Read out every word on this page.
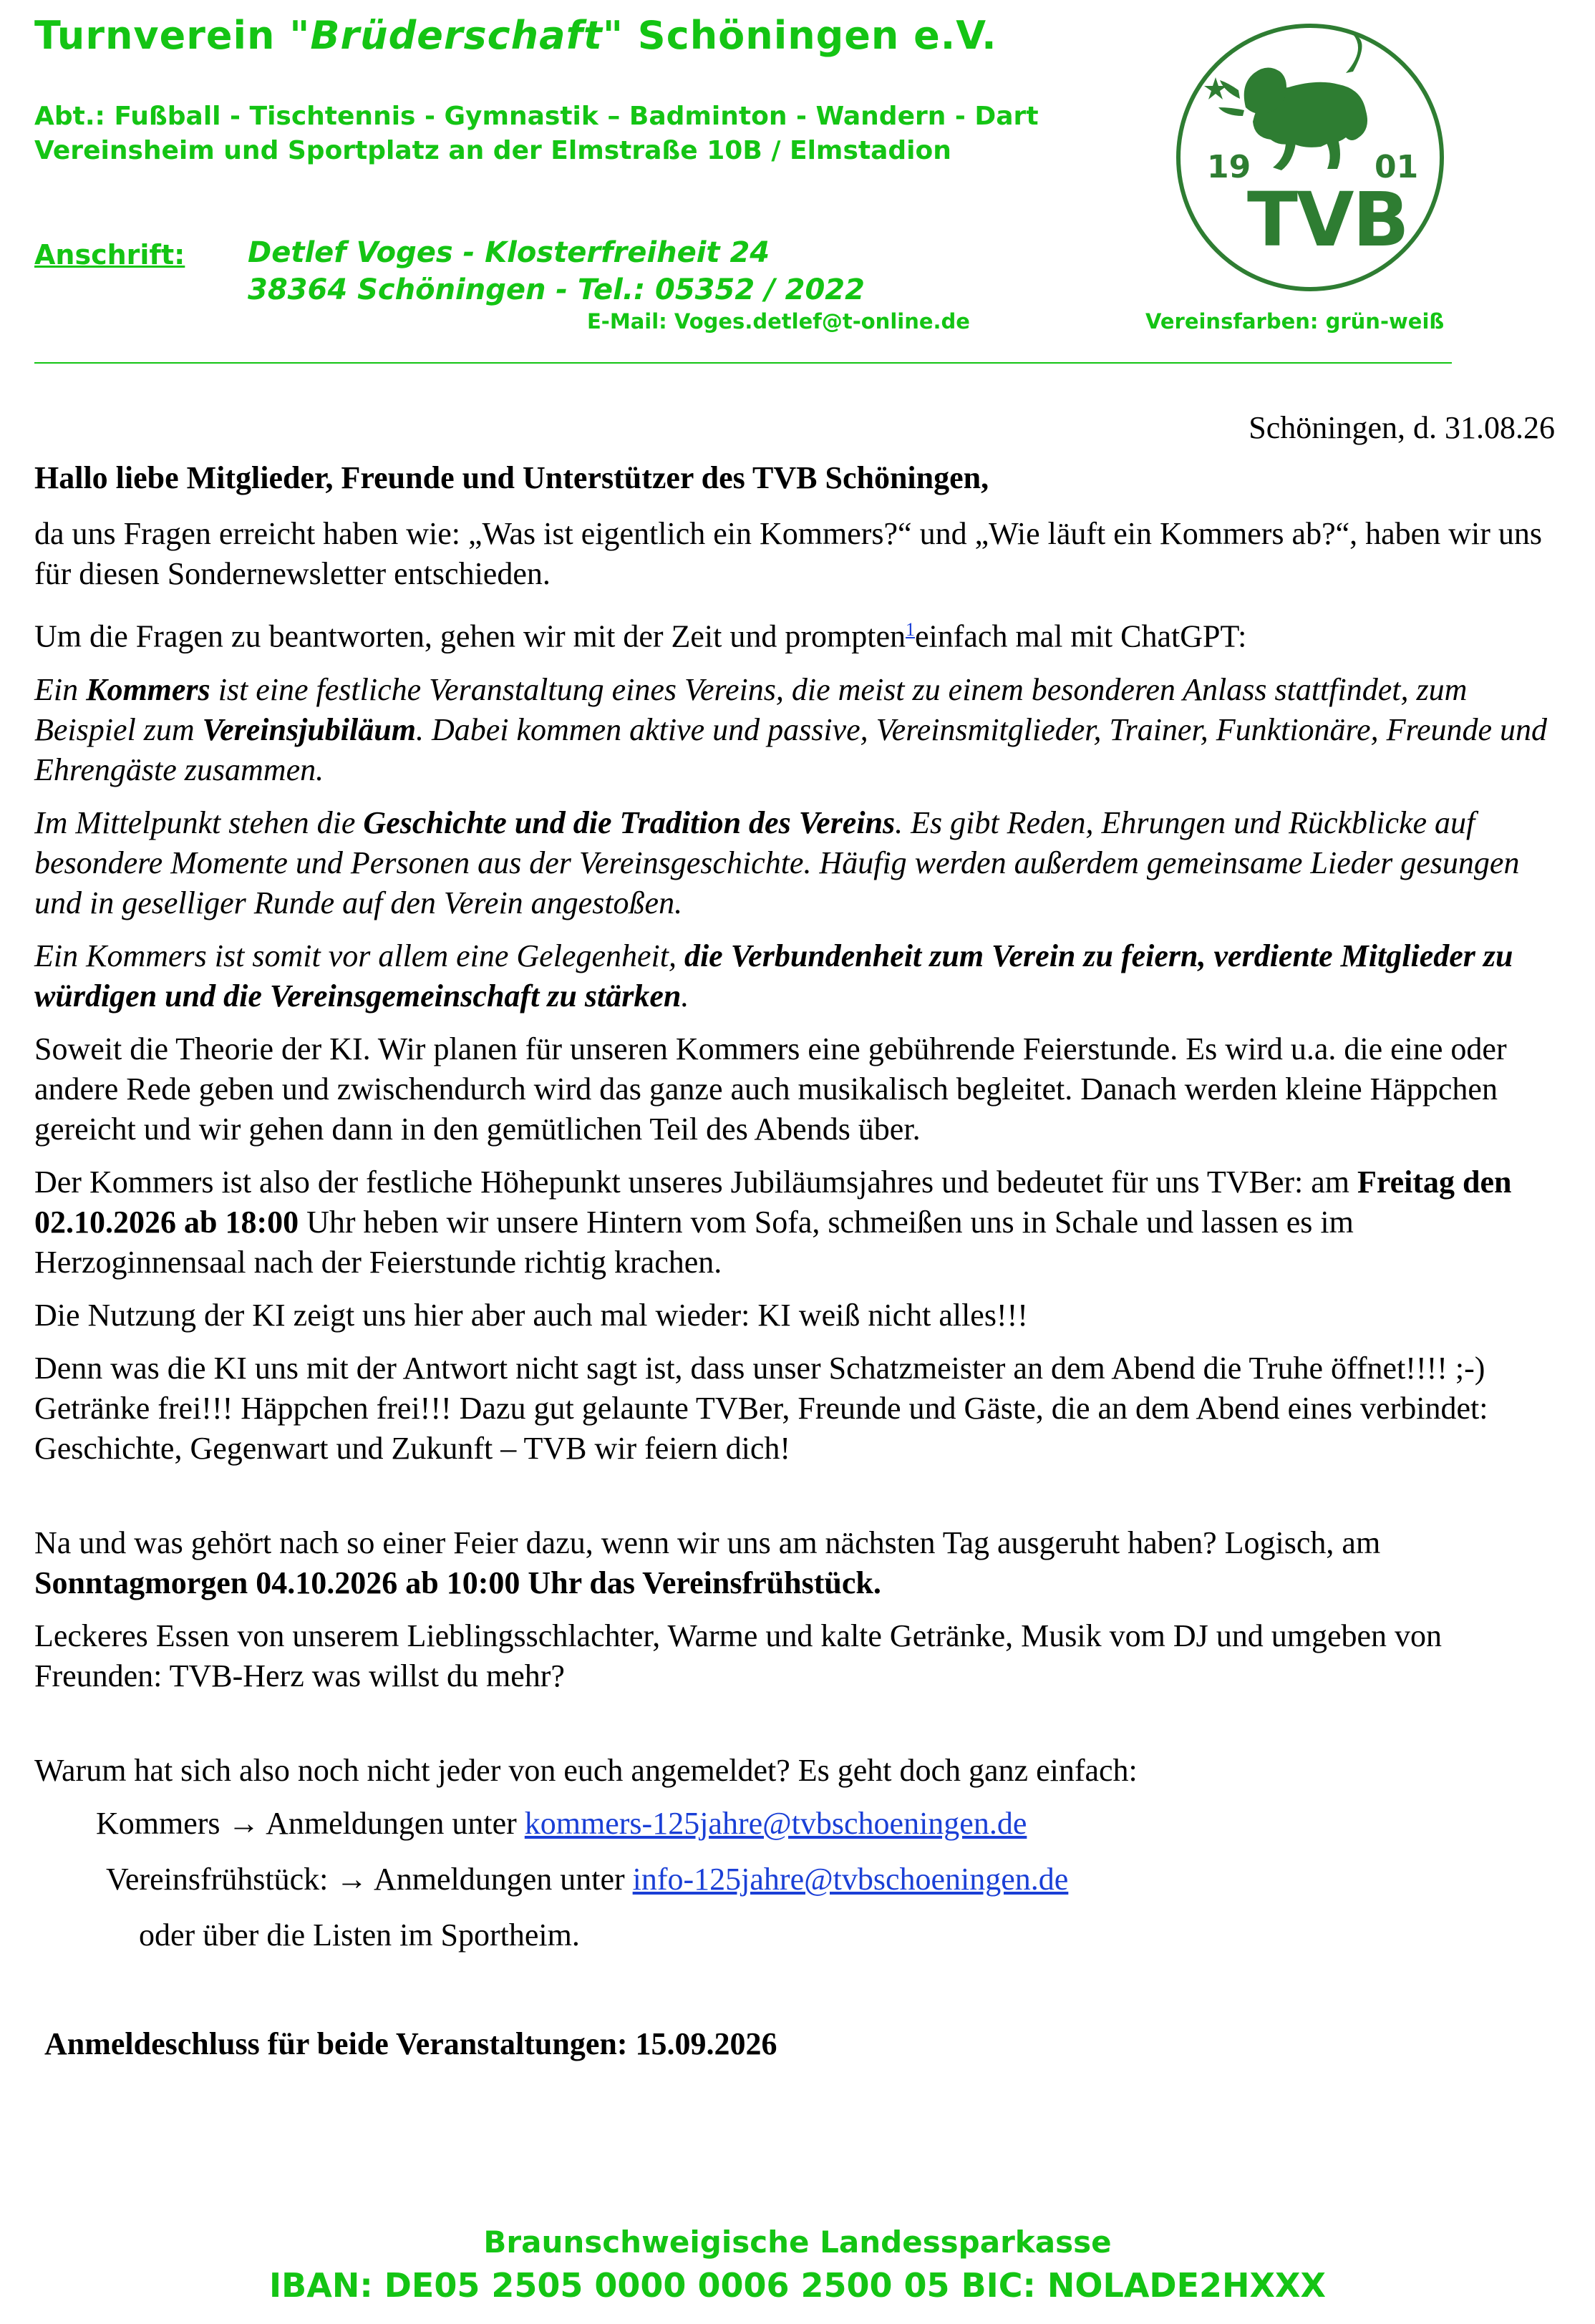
Turnverein "Brüderschaft" Schöningen e.V.
Abt.: Fußball - Tischtennis - Gymnastik – Badminton - Wandern - Dart
Vereinsheim und Sportplatz an der Elmstraße 10B / Elmstadion
Anschrift: Detlef Voges - Klosterfreiheit 24
38364 Schöningen - Tel.: 05352 / 2022
E-Mail: Voges.detlef@t-online.de	Vereinsfarben: grün-weiß
19	01
TVB
Schöningen, d. 31.08.26

Hallo liebe Mitglieder, Freunde und Unterstützer des TVB Schöningen,

da uns Fragen erreicht haben wie: „Was ist eigentlich ein Kommers?“ und „Wie läuft ein Kommers ab?“, haben wir uns für diesen Sondernewsletter entschieden.

Um die Fragen zu beantworten, gehen wir mit der Zeit und prompten$^1$einfach mal mit ChatGPT:

Ein Kommers ist eine festliche Veranstaltung eines Vereins, die meist zu einem besonderen Anlass stattfindet, zum Beispiel zum Vereinsjubiläum. Dabei kommen aktive und passive, Vereinsmitglieder, Trainer, Funktionäre, Freunde und Ehrengäste zusammen.

Im Mittelpunkt stehen die Geschichte und die Tradition des Vereins. Es gibt Reden, Ehrungen und Rückblicke auf besondere Momente und Personen aus der Vereinsgeschichte. Häufig werden außerdem gemeinsame Lieder gesungen und in geselliger Runde auf den Verein angestoßen.

Ein Kommers ist somit vor allem eine Gelegenheit, die Verbundenheit zum Verein zu feiern, verdiente Mitglieder zu würdigen und die Vereinsgemeinschaft zu stärken.

Soweit die Theorie der KI. Wir planen für unseren Kommers eine gebührende Feierstunde. Es wird u.a. die eine oder andere Rede geben und zwischendurch wird das ganze auch musikalisch begleitet. Danach werden kleine Häppchen gereicht und wir gehen dann in den gemütlichen Teil des Abends über.

Der Kommers ist also der festliche Höhepunkt unseres Jubiläumsjahres und bedeutet für uns TVBer: am Freitag den 02.10.2026 ab 18:00 Uhr heben wir unsere Hintern vom Sofa, schmeißen uns in Schale und lassen es im Herzoginnensaal nach der Feierstunde richtig krachen.

Die Nutzung der KI zeigt uns hier aber auch mal wieder: KI weiß nicht alles!!!

Denn was die KI uns mit der Antwort nicht sagt ist, dass unser Schatzmeister an dem Abend die Truhe öffnet!!!! ;-) Getränke frei!!! Häppchen frei!!! Dazu gut gelaunte TVBer, Freunde und Gäste, die an dem Abend eines verbindet: Geschichte, Gegenwart und Zukunft – TVB wir feiern dich!

Na und was gehört nach so einer Feier dazu, wenn wir uns am nächsten Tag ausgeruht haben? Logisch, am Sonntagmorgen 04.10.2026 ab 10:00 Uhr das Vereinsfrühstück.

Leckeres Essen von unserem Lieblingsschlachter, Warme und kalte Getränke, Musik vom DJ und umgeben von Freunden: TVB-Herz was willst du mehr?

Warum hat sich also noch nicht jeder von euch angemeldet? Es geht doch ganz einfach:

Kommers → Anmeldungen unter kommers-125jahre@tvbschoeningen.de
Vereinsfrühstück: → Anmeldungen unter info-125jahre@tvbschoeningen.de
oder über die Listen im Sportheim.

Anmeldeschluss für beide Veranstaltungen: 15.09.2026

Braunschweigische Landessparkasse
IBAN: DE05 2505 0000 0006 2500 05 BIC: NOLADE2HXXX
